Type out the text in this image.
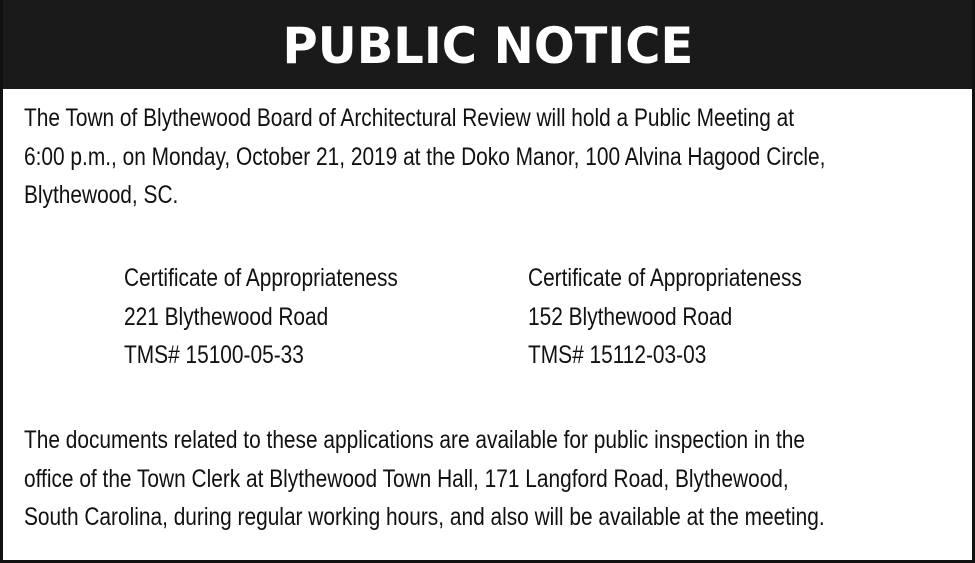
PUBLIC NOTICE
The Town of Blythewood Board of Architectural Review will hold a Public Meeting at
6:00 p.m., on Monday, October 21, 2019 at the Doko Manor, 100 Alvina Hagood Circle,
Blythewood, SC.
Certificate of Appropriateness
221 Blythewood Road
TMS# 15100-05-33
Certificate of Appropriateness
152 Blythewood Road
TMS# 15112-03-03
The documents related to these applications are available for public inspection in the
office of the Town Clerk at Blythewood Town Hall, 171 Langford Road, Blythewood,
South Carolina, during regular working hours, and also will be available at the meeting.
